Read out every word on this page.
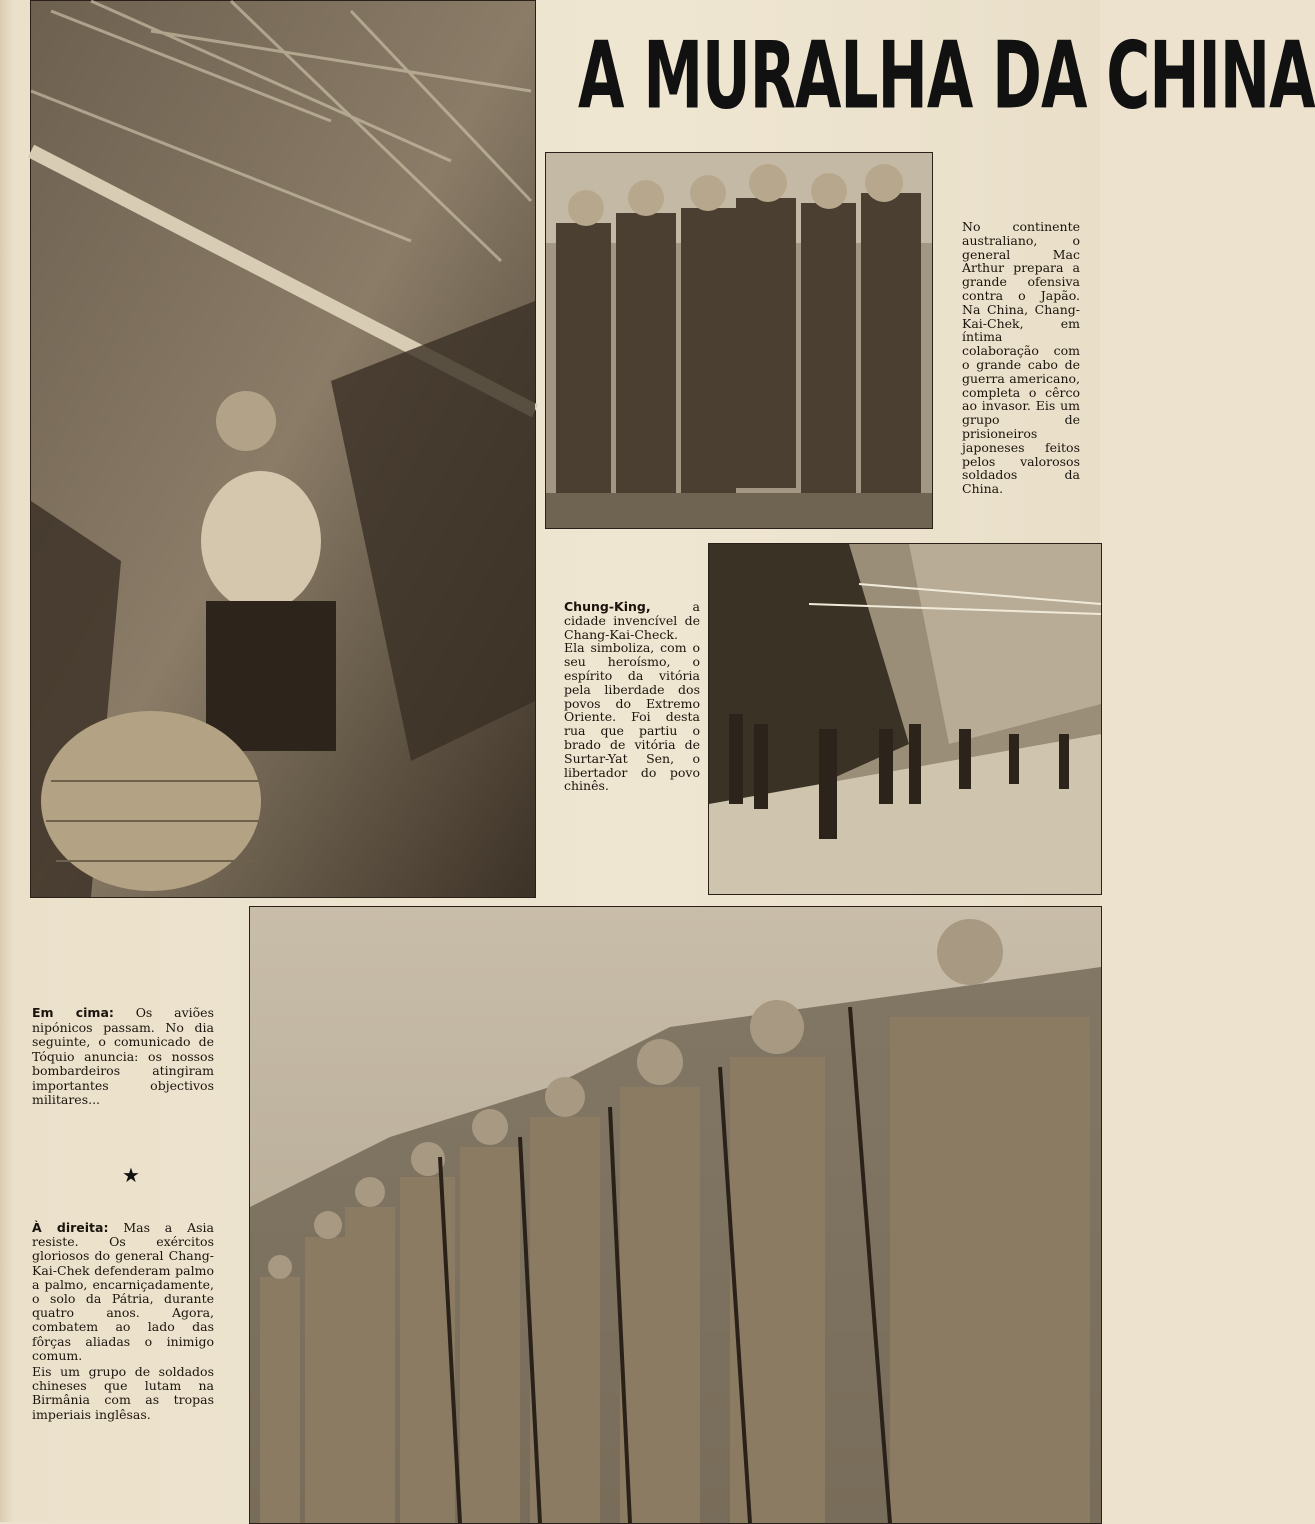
A MURALHA DA CHINA
No continente australiano, o general Mac Arthur prepara a grande ofensiva contra o Japão. Na China, Chang-Kai-Chek, em íntima colaboração com o grande cabo de guerra americano, completa o cêrco ao invasor. Eis um grupo de prisioneiros japoneses feitos pelos valorosos soldados da China.
Chung-King,	a cidade invencível de Chang-Kai-Check. Ela simboliza, com o seu heroísmo, o espírito da vitória pela liberdade dos povos do Extremo Oriente. Foi desta rua que partiu o brado de vitória de Surtar-Yat Sen, o libertador do povo chinês.
Em cima: Os aviões nipónicos passam. No dia seguinte, o comunicado de Tóquio anuncia: os nossos bombardeiros atingiram importantes objectivos militares...
★
À direita: Mas a Asia resiste. Os exércitos gloriosos do general Chang-Kai-Chek defenderam palmo a palmo, encarniçadamente, o solo da Pátria, durante quatro anos. Agora, combatem ao lado das fôrças aliadas o inimigo comum.
Eis um grupo de soldados chineses que lutam na Birmânia com as tropas imperiais inglêsas.
